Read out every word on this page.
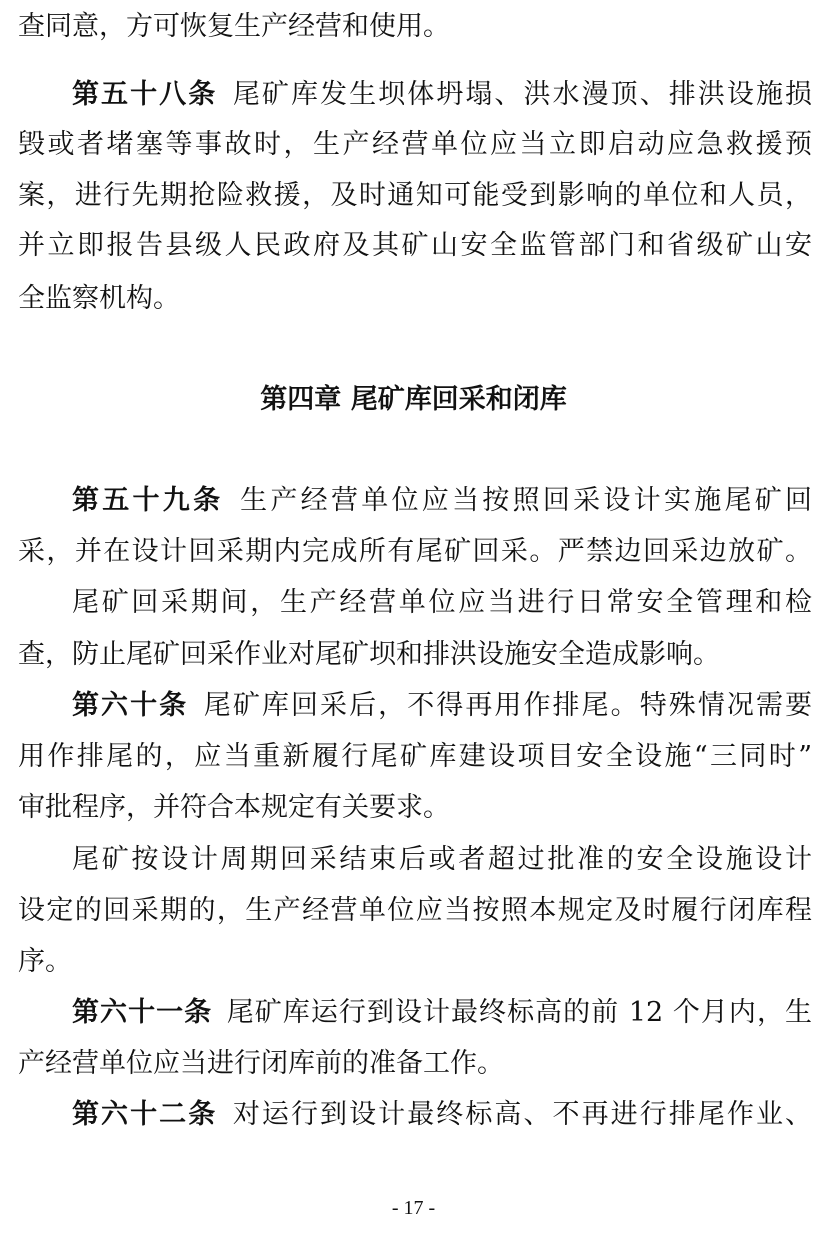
查同意，方可恢复生产经营和使用。
第五十八条  尾矿库发生坝体坍塌、洪水漫顶、排洪设施损
毁或者堵塞等事故时，生产经营单位应当立即启动应急救援预
案，进行先期抢险救援，及时通知可能受到影响的单位和人员，
并立即报告县级人民政府及其矿山安全监管部门和省级矿山安
全监察机构。
第四章 尾矿库回采和闭库
第五十九条  生产经营单位应当按照回采设计实施尾矿回
采，并在设计回采期内完成所有尾矿回采。严禁边回采边放矿。
尾矿回采期间，生产经营单位应当进行日常安全管理和检
查，防止尾矿回采作业对尾矿坝和排洪设施安全造成影响。
第六十条  尾矿库回采后，不得再用作排尾。特殊情况需要
用作排尾的，应当重新履行尾矿库建设项目安全设施“三同时”
审批程序，并符合本规定有关要求。
尾矿按设计周期回采结束后或者超过批准的安全设施设计
设定的回采期的，生产经营单位应当按照本规定及时履行闭库程
序。
第六十一条  尾矿库运行到设计最终标高的前 12 个月内，生
产经营单位应当进行闭库前的准备工作。
第六十二条  对运行到设计最终标高、不再进行排尾作业、
- 17 -
